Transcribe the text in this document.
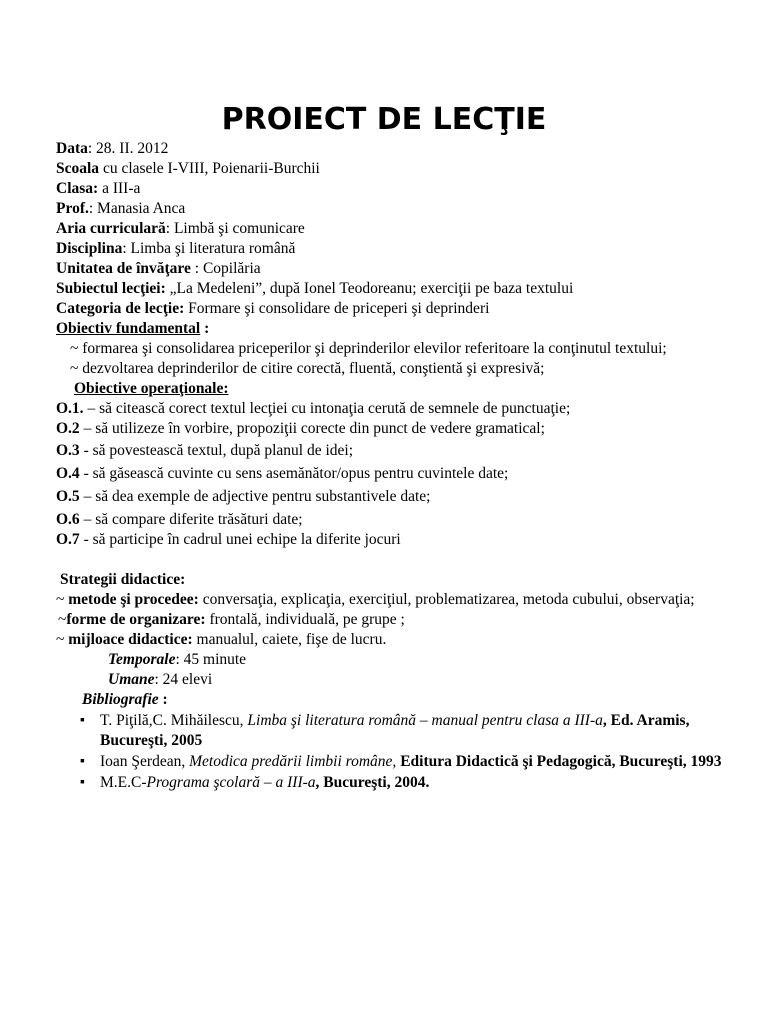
PROIECT DE LECŢIE
Data: 28. II. 2012
Scoala cu clasele I-VIII, Poienarii-Burchii
Clasa: a III-a
Prof.: Manasia Anca
Aria curriculară: Limbă şi comunicare
Disciplina: Limba şi literatura română
Unitatea de învăţare : Copilăria
Subiectul lecţiei: „La Medeleni”, după Ionel Teodoreanu; exerciţii pe baza textului
Categoria de lecţie: Formare şi consolidare de priceperi şi deprinderi
Obiectiv fundamental :
~ formarea şi consolidarea priceperilor şi deprinderilor elevilor referitoare la conţinutul textului;
~ dezvoltarea deprinderilor de citire corectă, fluentă, conştientă şi expresivă;
Obiective operaţionale:
O.1. – să citească corect textul lecţiei cu intonaţia cerută de semnele de punctuaţie;
O.2 – să utilizeze în vorbire, propoziţii corecte din punct de vedere gramatical;
O.3 - să povestească textul, după planul de idei;
O.4 - să găsească cuvinte cu sens asemănător/opus pentru cuvintele date;
O.5 – să dea exemple de adjective pentru substantivele date;
O.6 – să compare diferite trăsături date;
O.7 - să participe în cadrul unei echipe la diferite jocuri
Strategii didactice:
~ metode şi procedee: conversaţia, explicaţia, exerciţiul, problematizarea, metoda cubului, observaţia;
~forme de organizare: frontală, individuală, pe grupe ;
~ mijloace didactice: manualul, caiete, fişe de lucru.
Temporale: 45 minute
Umane: 24 elevi
Bibliografie :
▪ T. Piţilă,C. Mihăilescu, Limba şi literatura română – manual pentru clasa a III-a, Ed. Aramis, Bucureşti, 2005
▪ Ioan Şerdean, Metodica predării limbii române, Editura Didactică şi Pedagogică, Bucureşti, 1993
▪ M.E.C-Programa şcolară – a III-a, Bucureşti, 2004.
